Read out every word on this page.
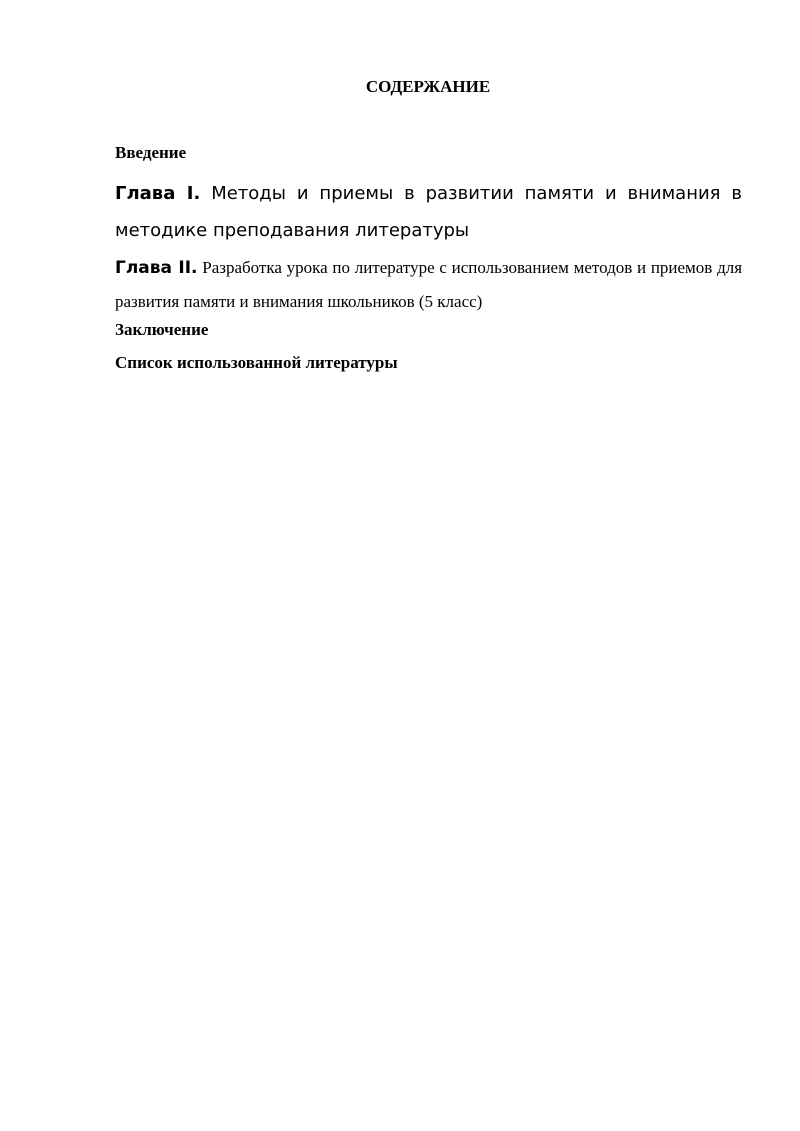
СОДЕРЖАНИЕ

Введение

Глава I. Методы и приемы в развитии памяти и внимания в методике преподавания литературы

Глава II. Разработка урока по литературе с использованием методов и приемов для развития памяти и внимания школьников (5 класс)

Заключение

Список использованной литературы
